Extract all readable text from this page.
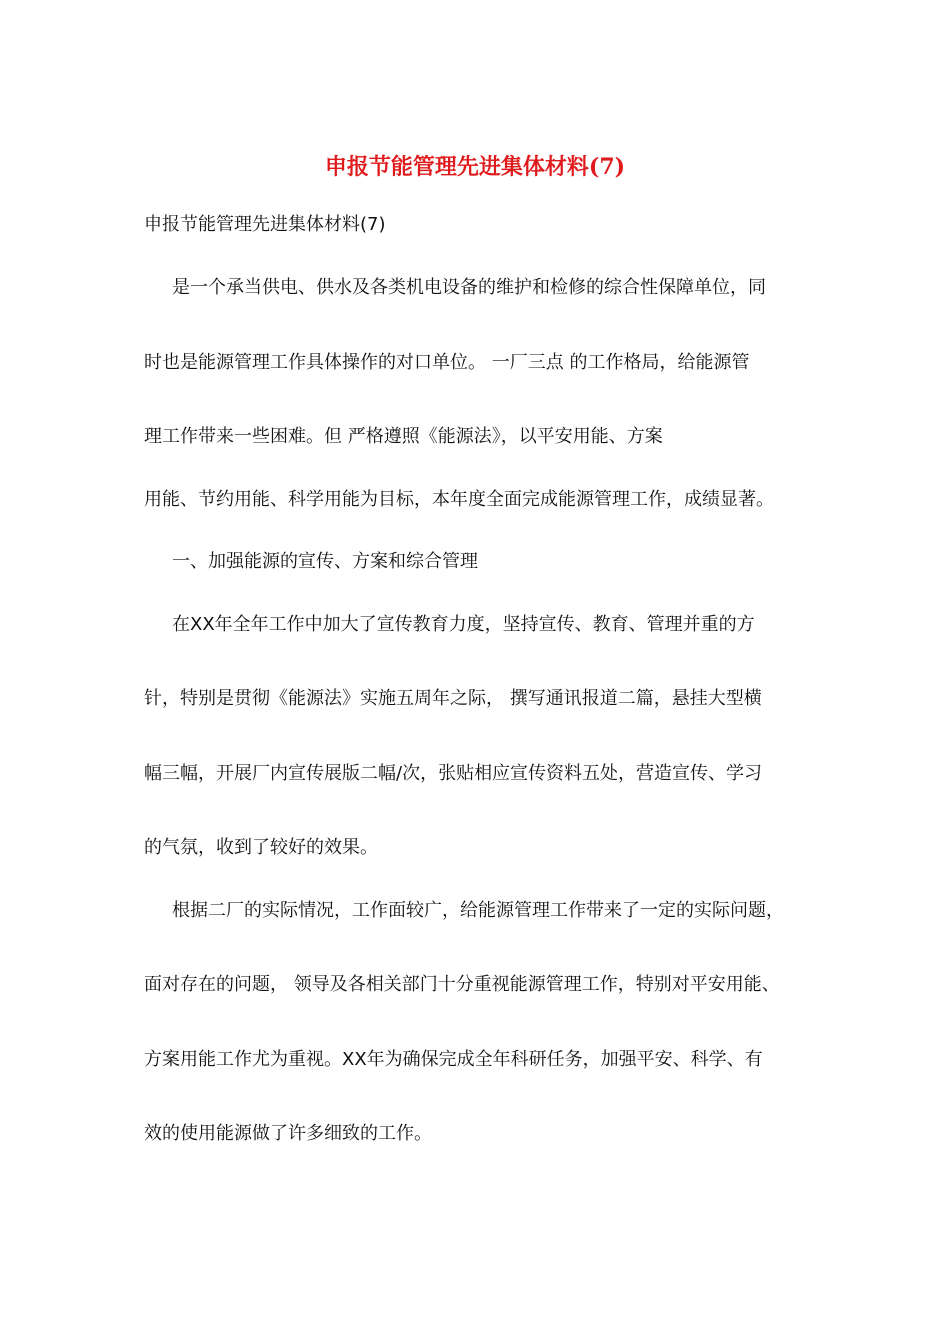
申报节能管理先进集体材料(7)
申报节能管理先进集体材料(7)
是一个承当供电、供水及各类机电设备的维护和检修的综合性保障单位，同
时也是能源管理工作具体操作的对口单位。 一厂三点 的工作格局，给能源管
理工作带来一些困难。但 严格遵照《能源法》，以平安用能、方案
用能、节约用能、科学用能为目标，本年度全面完成能源管理工作，成绩显著。
一、加强能源的宣传、方案和综合管理
在XX年全年工作中加大了宣传教育力度，坚持宣传、教育、管理并重的方
针，特别是贯彻《能源法》实施五周年之际， 撰写通讯报道二篇，悬挂大型横
幅三幅，开展厂内宣传展版二幅/次，张贴相应宣传资料五处，营造宣传、学习
的气氛，收到了较好的效果。
根据二厂的实际情况，工作面较广，给能源管理工作带来了一定的实际问题，
面对存在的问题， 领导及各相关部门十分重视能源管理工作，特别对平安用能、
方案用能工作尤为重视。XX年为确保完成全年科研任务，加强平安、科学、有
效的使用能源做了许多细致的工作。
